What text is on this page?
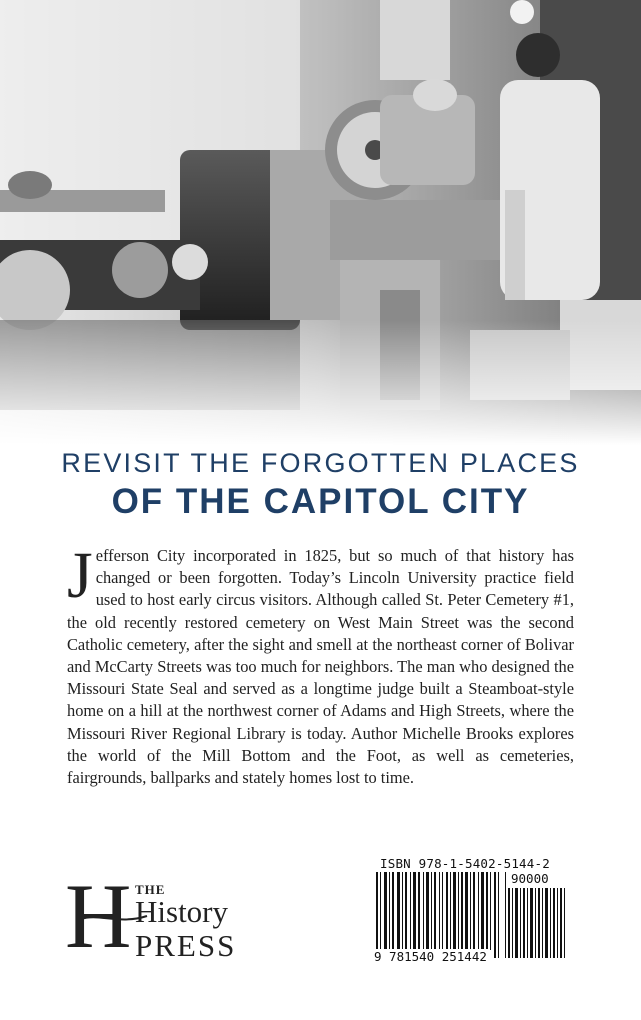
REVISIT THE FORGOTTEN PLACES
OF THE CAPITOL CITY
Jefferson City incorporated in 1825, but so much of that history has changed or been forgotten. Today’s Lincoln University practice field used to host early circus visitors. Although called St. Peter Cemetery #1, the old recently restored cemetery on West Main Street was the second Catholic cemetery, after the sight and smell at the northeast corner of Bolivar and McCarty Streets was too much for neighbors. The man who designed the Missouri State Seal and served as a longtime judge built a Steamboat-style home on a hill at the northwest corner of Adams and High Streets, where the Missouri River Regional Library is today. Author Michelle Brooks explores the world of the Mill Bottom and the Foot, as well as cemeteries, fairgrounds, ballparks and stately homes lost to time.
H THE
History
PRESS
ISBN 978-1-5402-5144-2
90000
9 781540 251442
